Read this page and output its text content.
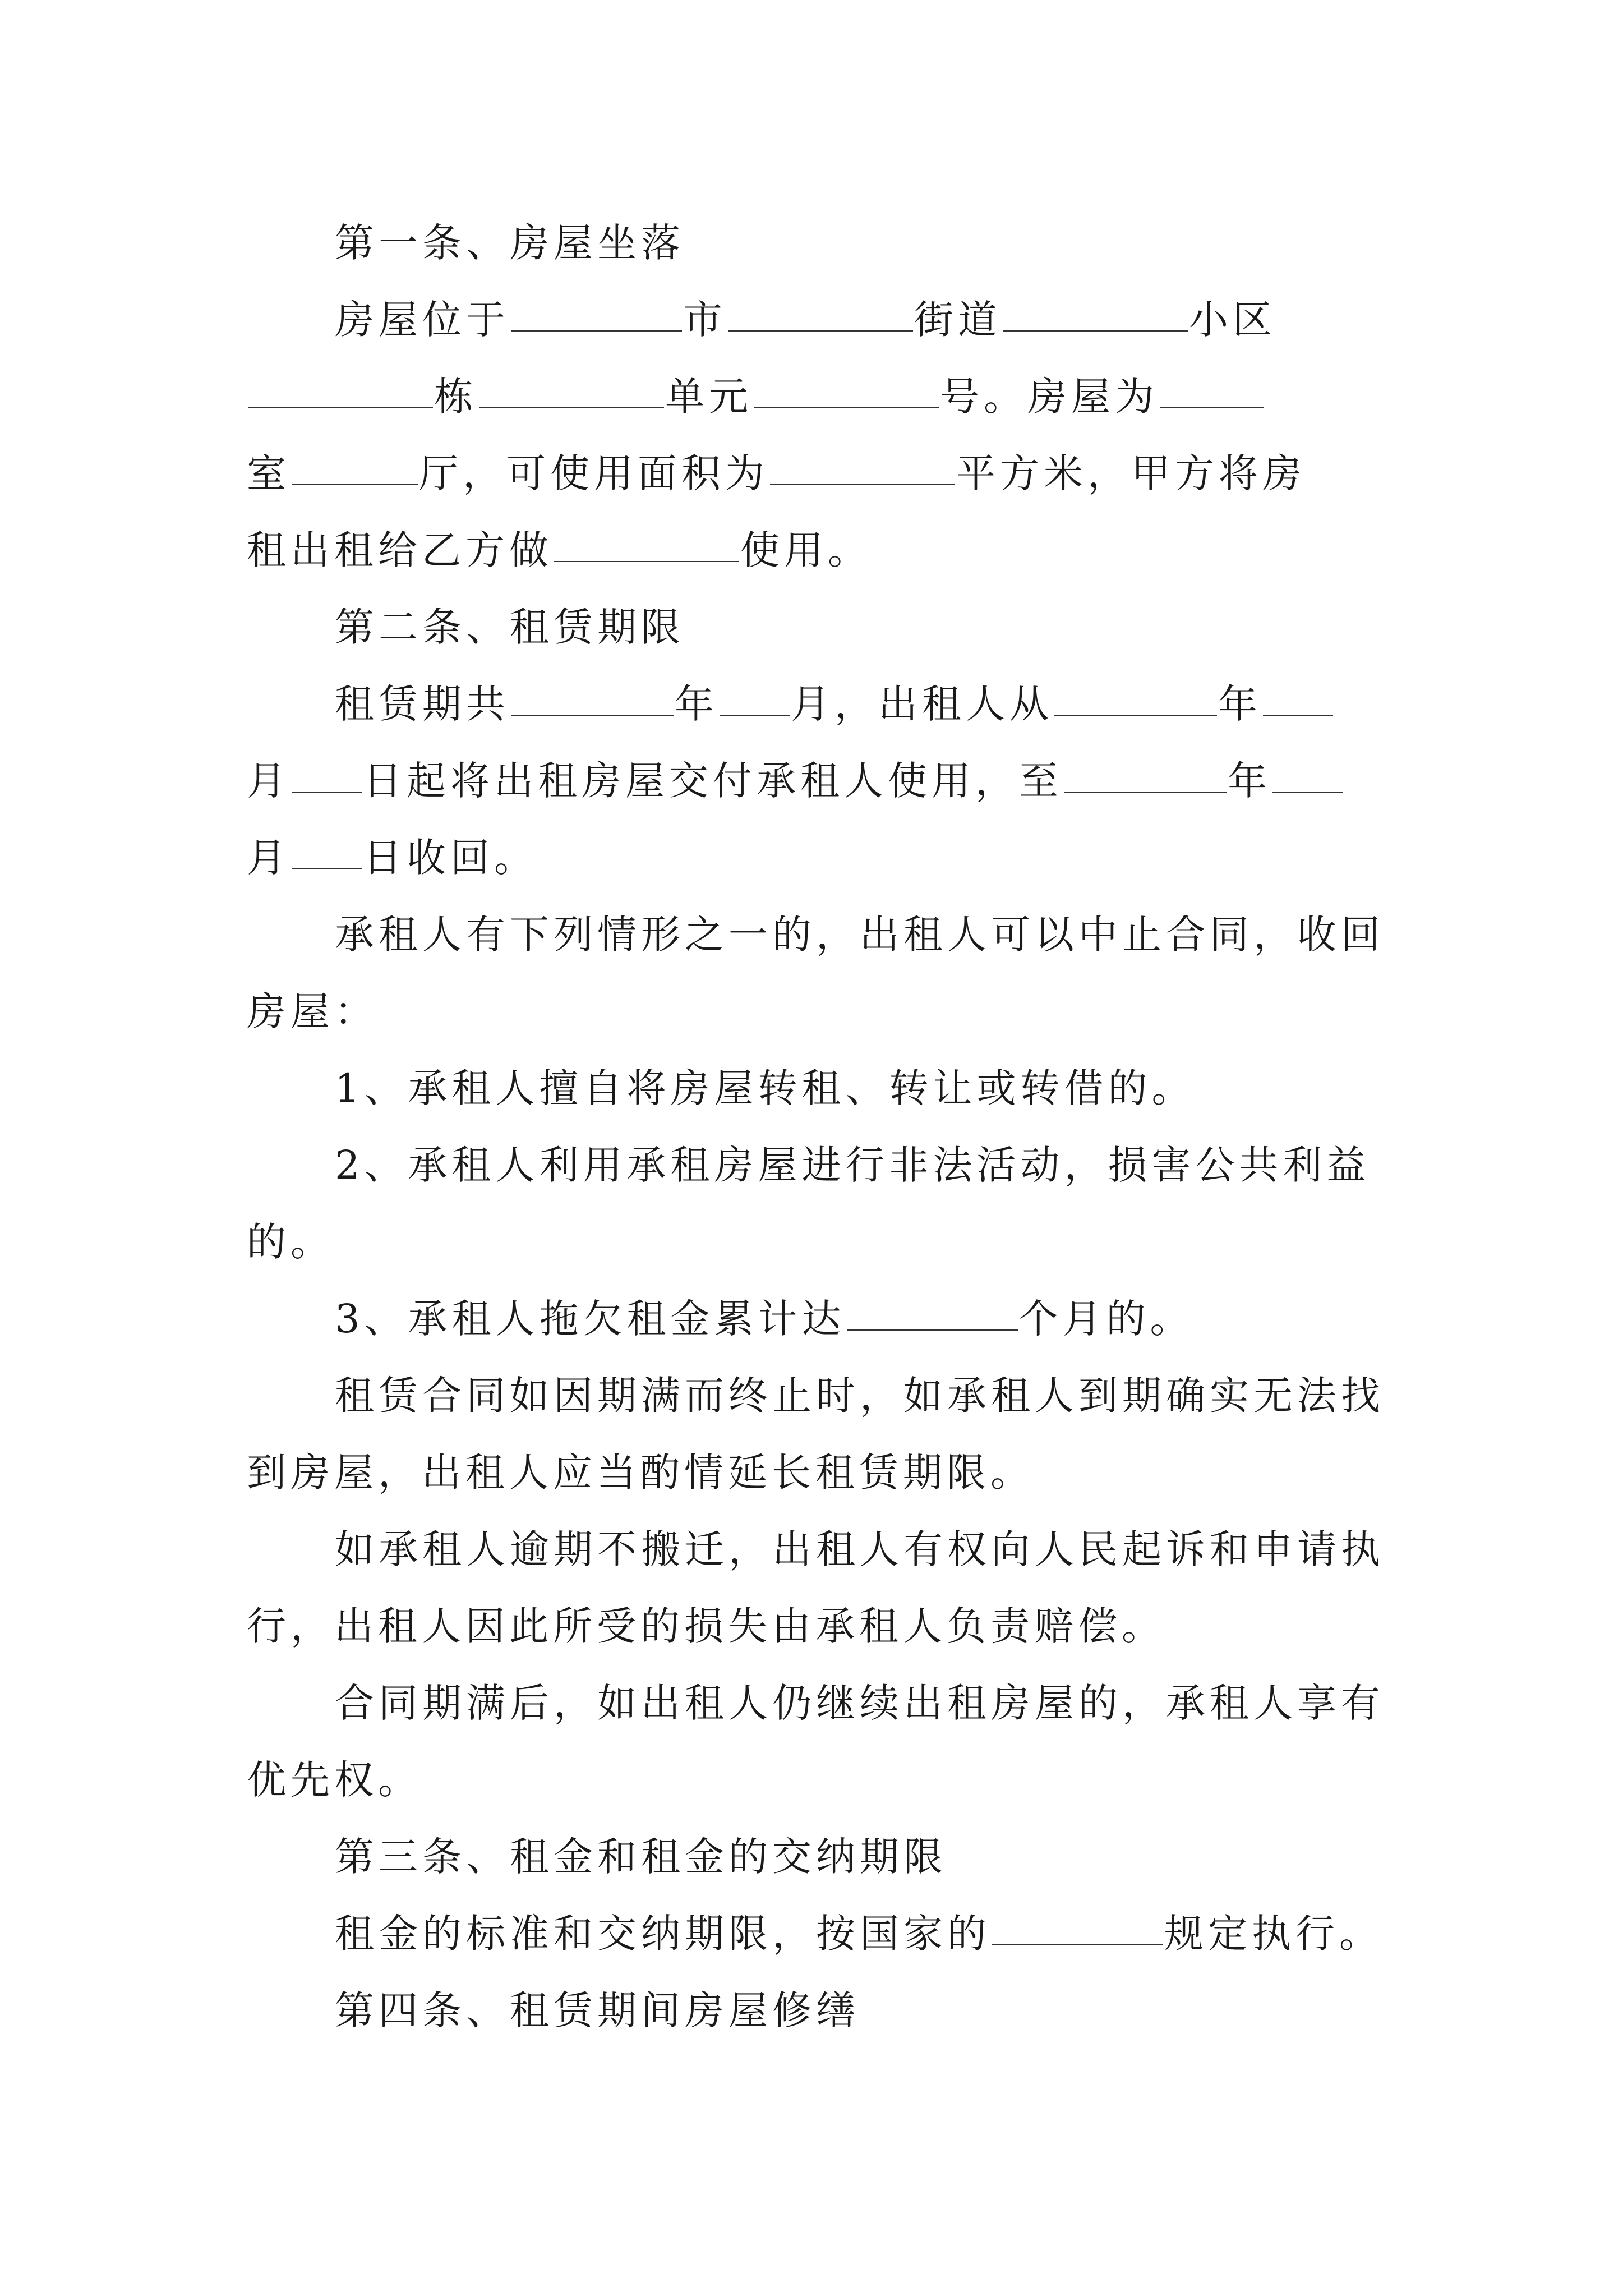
第一条、房屋坐落
房屋位于	市	街道	小区
栋	单元	号。房屋为
室	厅，可使用面积为	平方米，甲方将房
租出租给乙方做	使用。
第二条、租赁期限
租赁期共	年 月，出租人从	年
月 日起将出租房屋交付承租人使用，至	年
月 日收回。
承租人有下列情形之一的，出租人可以中止合同，收回
房屋：
1、承租人擅自将房屋转租、转让或转借的。
2、承租人利用承租房屋进行非法活动，损害公共利益
的。
3、承租人拖欠租金累计达	个月的。
租赁合同如因期满而终止时，如承租人到期确实无法找
到房屋，出租人应当酌情延长租赁期限。
如承租人逾期不搬迁，出租人有权向人民起诉和申请执
行，出租人因此所受的损失由承租人负责赔偿。
合同期满后，如出租人仍继续出租房屋的，承租人享有
优先权。
第三条、租金和租金的交纳期限
租金的标准和交纳期限，按国家的	规定执行。
第四条、租赁期间房屋修缮
